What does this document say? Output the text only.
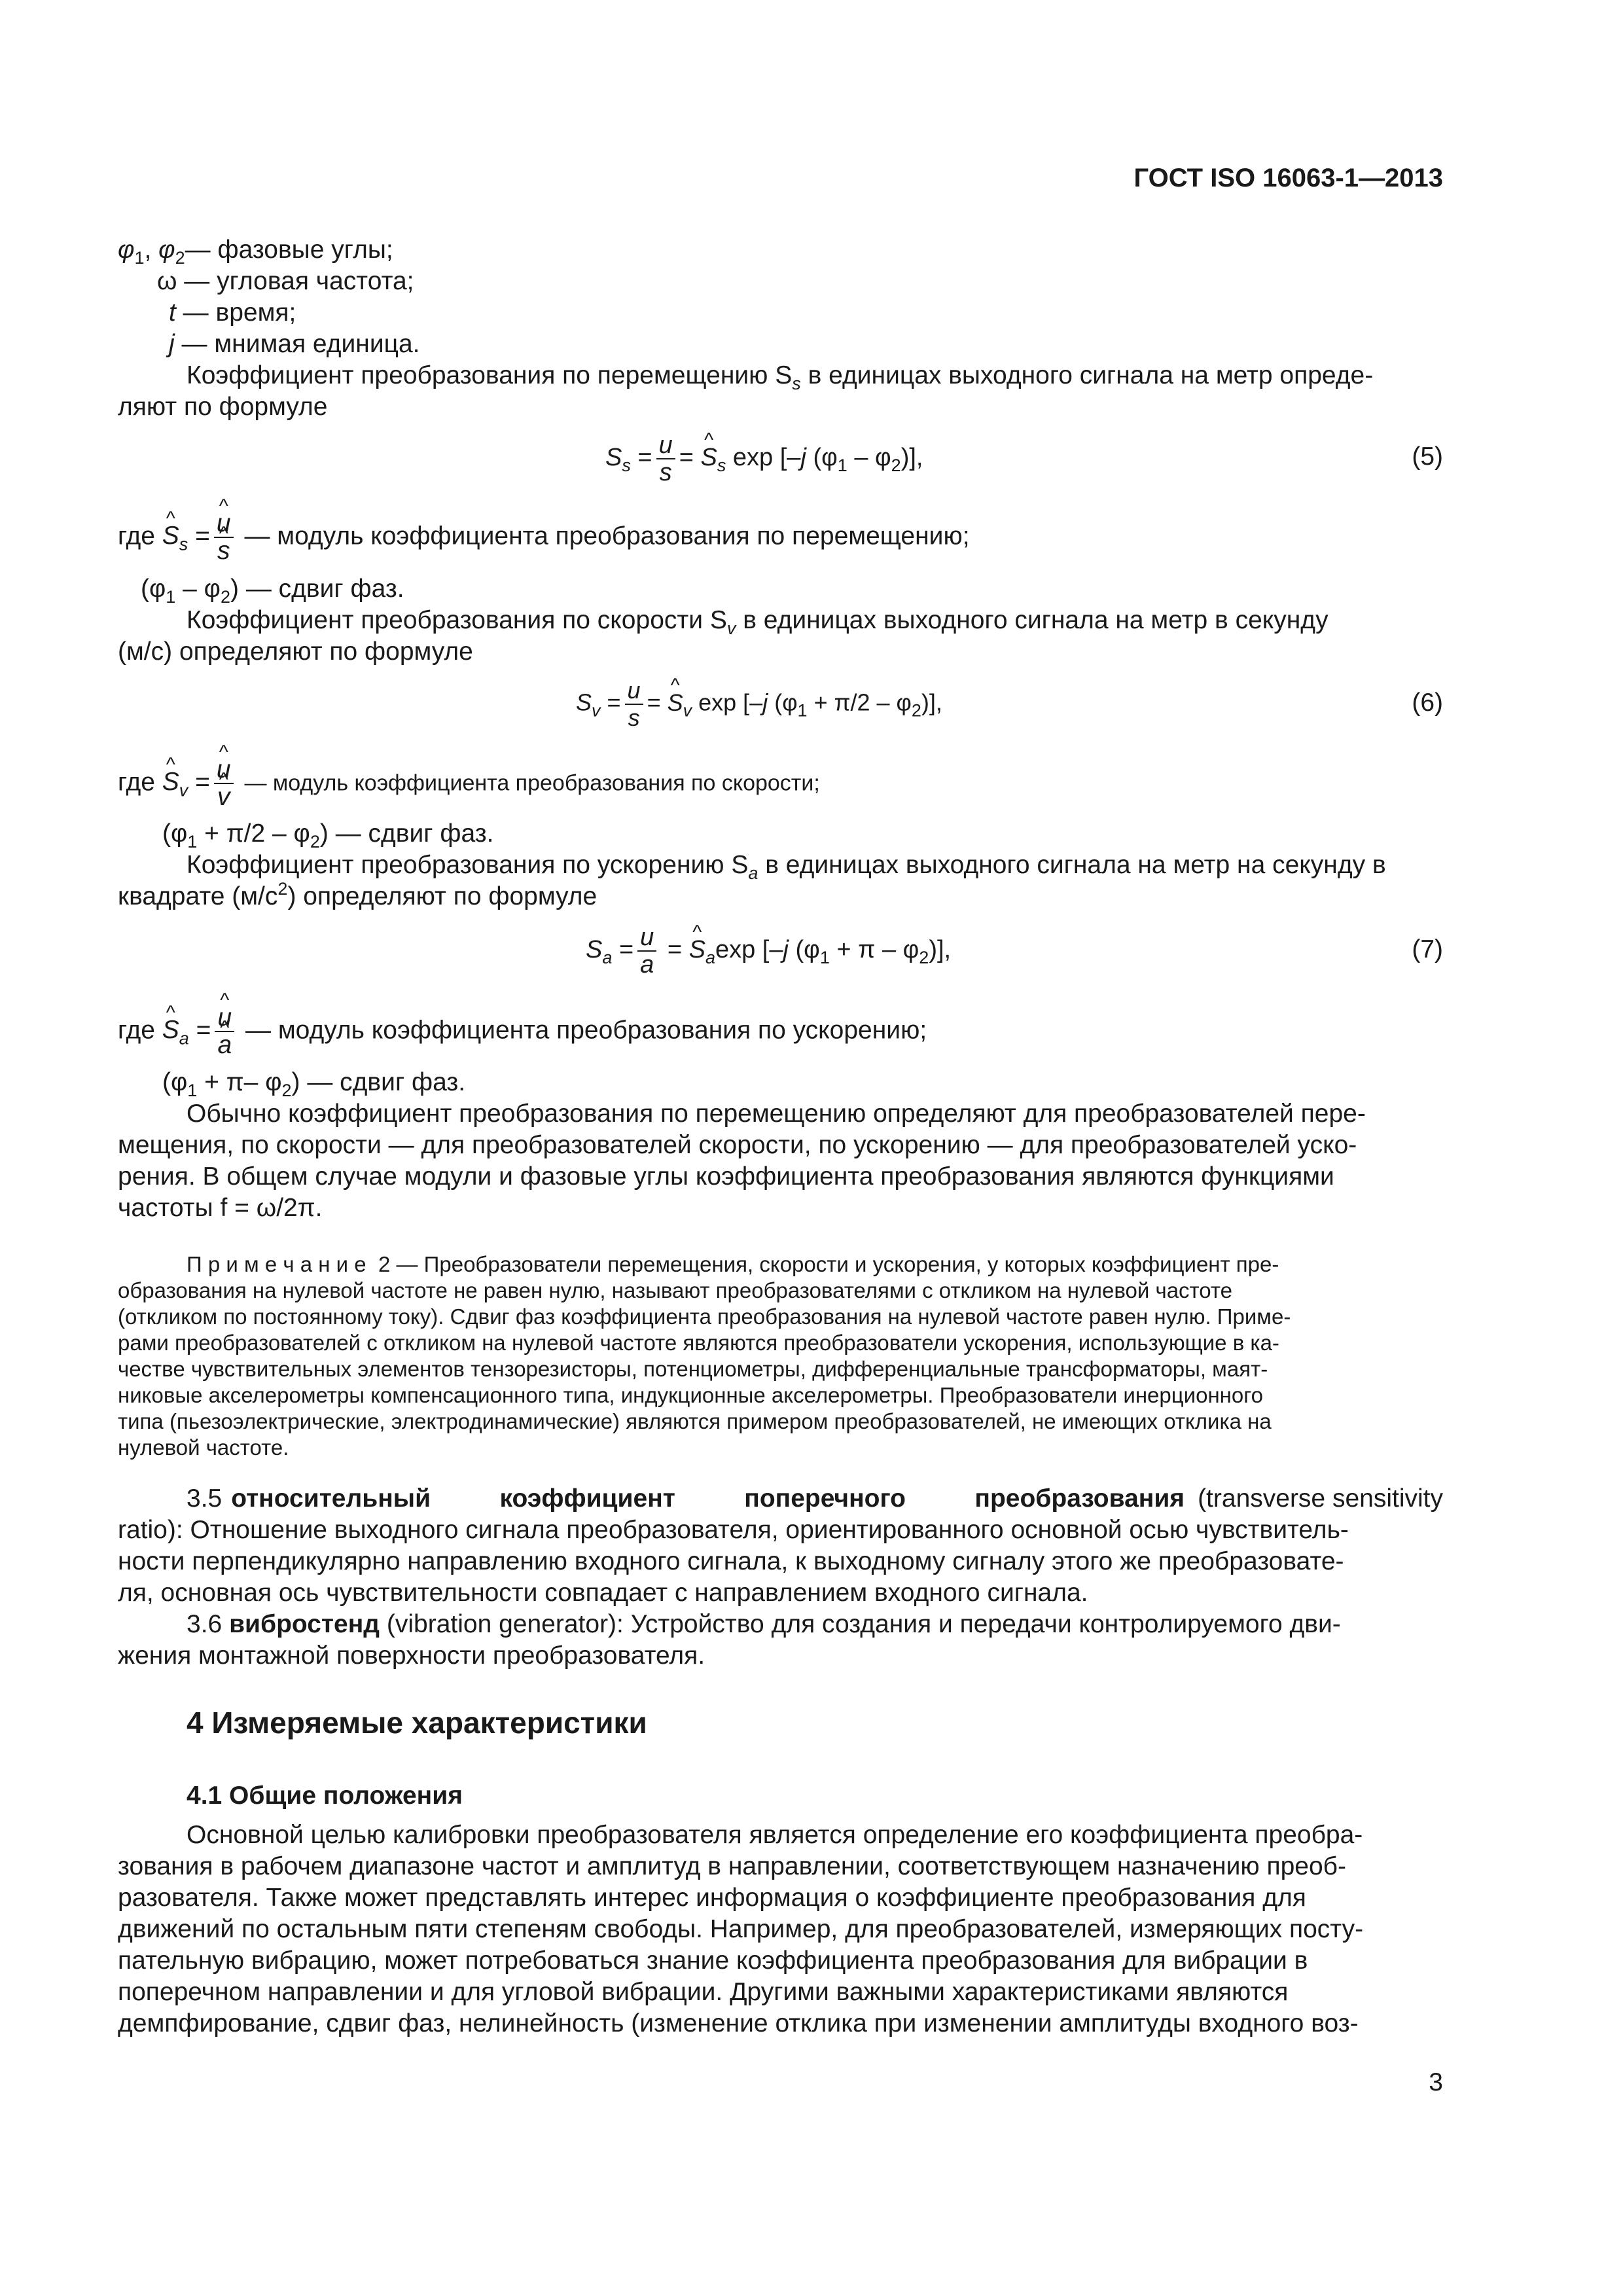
ГОСТ ISO 16063-1—2013
$\varphi_1$, $\varphi_2—$ фазовые углы;
ω — угловая частота;
t — время;
j — мнимая единица.
Коэффициент преобразования по перемещению $S_s$ в единицах выходного сигнала на метр опреде-
ляют по формуле
$S_s = \frac{u}{s}$ = ^ $S_s$ exp [–j $(\varphi_1 - \varphi_2)$],	(5)
где ^ $S_s$ = ^ u
^ s — модуль коэффициента преобразования по перемещению;
$(\varphi_1 - \varphi_2)$ — сдвиг фаз.
Коэффициент преобразования по скорости $S_v$ в единицах выходного сигнала на метр в секунду
(м/с) определяют по формуле
$S_v = \frac{u}{s}$ = ^ $S_v$ exp [–j $(\varphi_1 + \pi/2 - \varphi_2)$],	(6)
где ^ $S_v$ = ^ u
^ v — модуль коэффициента преобразования по скорости;
$(\varphi_1 + \pi/2 - \varphi_2)$ — сдвиг фаз.
Коэффициент преобразования по ускорению $S_a$ в единицах выходного сигнала на метр на секунду в
квадрате $(м/с^2)$ определяют по формуле
$S_a = \frac{u}{a}$ = ^ $S_a\exp$ [–j $(\varphi_1 + \pi - \varphi_2)$],	(7)
где ^ $S_a$ = ^ u
^ a — модуль коэффициента преобразования по ускорению;
($\varphi_1 + \pi-$ $\varphi_2$) — сдвиг фаз.
Обычно коэффициент преобразования по перемещению определяют для преобразователей пере-
мещения, по скорости — для преобразователей скорости, по ускорению — для преобразователей уско-
рения. В общем случае модули и фазовые углы коэффициента преобразования являются функциями
частоты f = ω/2π.
П р и м е ч а н и е  2 — Преобразователи перемещения, скорости и ускорения, у которых коэффициент пре-
образования на нулевой частоте не равен нулю, называют преобразователями с откликом на нулевой частоте
(откликом по постоянному току). Сдвиг фаз коэффициента преобразования на нулевой частоте равен нулю. Приме-
рами преобразователей с откликом на нулевой частоте являются преобразователи ускорения, использующие в ка-
честве чувствительных элементов тензорезисторы, потенциометры, дифференциальные трансформаторы, маят-
никовые акселерометры компенсационного типа, индукционные акселерометры. Преобразователи инерционного
типа (пьезоэлектрические, электродинамические) являются примером преобразователей, не имеющих отклика на
нулевой частоте.
3.5 относительный коэффициент поперечного преобразования (transverse sensitivity
ratio): Отношение выходного сигнала преобразователя, ориентированного основной осью чувствитель-
ности перпендикулярно направлению входного сигнала, к выходному сигналу этого же преобразовате-
ля, основная ось чувствительности совпадает с направлением входного сигнала.
3.6 вибростенд (vibration generator): Устройство для создания и передачи контролируемого дви-
жения монтажной поверхности преобразователя.
4 Измеряемые характеристики
4.1 Общие положения
Основной целью калибровки преобразователя является определение его коэффициента преобра-
зования в рабочем диапазоне частот и амплитуд в направлении, соответствующем назначению преоб-
разователя. Также может представлять интерес информация о коэффициенте преобразования для
движений по остальным пяти степеням свободы. Например, для преобразователей, измеряющих посту-
пательную вибрацию, может потребоваться знание коэффициента преобразования для вибрации в
поперечном направлении и для угловой вибрации. Другими важными характеристиками являются
демпфирование, сдвиг фаз, нелинейность (изменение отклика при изменении амплитуды входного воз-
3
